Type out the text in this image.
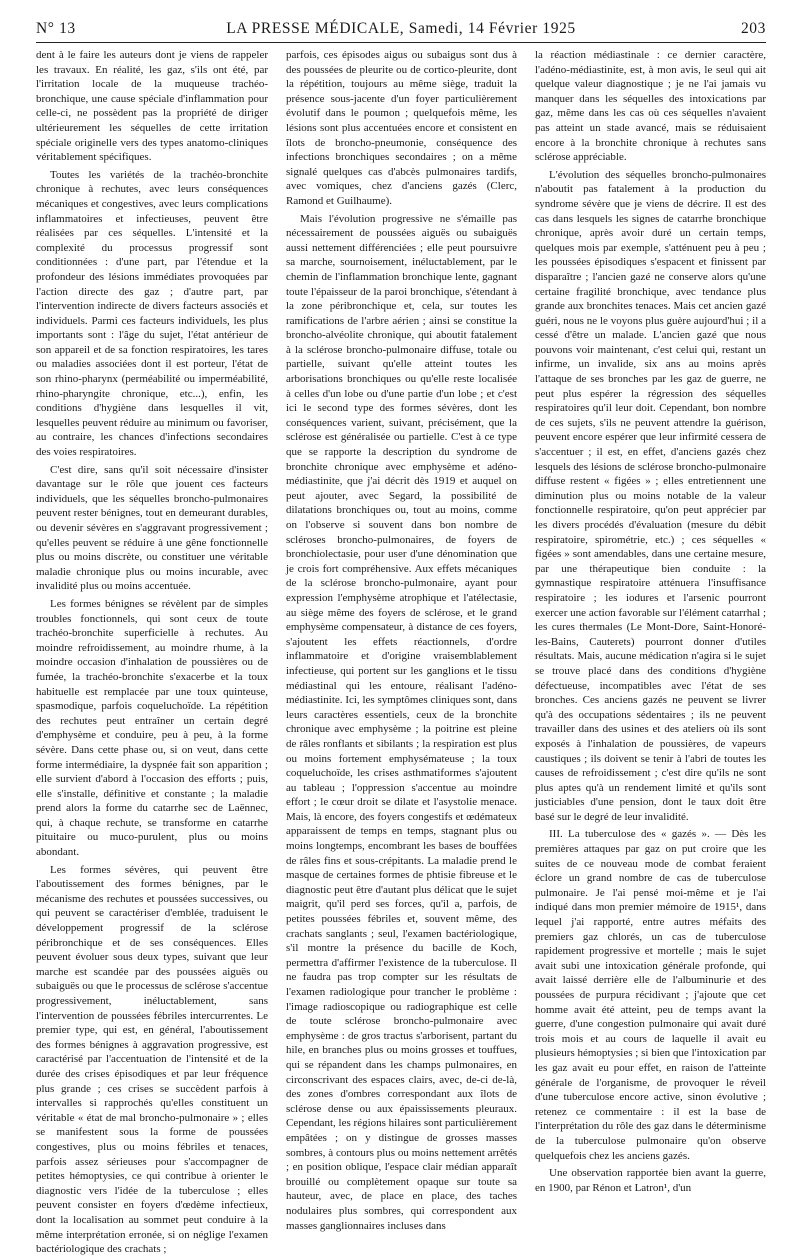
N° 13	LA PRESSE MÉDICALE, Samedi, 14 Février 1925	203

dent à le faire les auteurs dont je viens de rappeler les travaux. En réalité, les gaz, s'ils ont été, par l'irritation locale de la muqueuse trachéo-bronchique, une cause spéciale d'inflammation pour celle-ci, ne possèdent pas la propriété de diriger ultérieurement les séquelles de cette irritation spéciale originelle vers des types anatomo-cliniques véritablement spécifiques.

Toutes les variétés de la trachéo-bronchite chronique à rechutes, avec leurs conséquences mécaniques et congestives, avec leurs complications inflammatoires et infectieuses, peuvent être réalisées par ces séquelles. L'intensité et la complexité du processus progressif sont conditionnées : d'une part, par l'étendue et la profondeur des lésions immédiates provoquées par l'action directe des gaz ; d'autre part, par l'intervention indirecte de divers facteurs associés et individuels. Parmi ces facteurs individuels, les plus importants sont : l'âge du sujet, l'état antérieur de son appareil et de sa fonction respiratoires, les tares ou maladies associées dont il est porteur, l'état de son rhino-pharynx (perméabilité ou imperméabilité, rhino-pharyngite chronique, etc...), enfin, les conditions d'hygiène dans lesquelles il vit, lesquelles peuvent réduire au minimum ou favoriser, au contraire, les chances d'infections secondaires des voies respiratoires.

C'est dire, sans qu'il soit nécessaire d'insister davantage sur le rôle que jouent ces facteurs individuels, que les séquelles broncho-pulmonaires peuvent rester bénignes, tout en demeurant durables, ou devenir sévères en s'aggravant progressivement ; qu'elles peuvent se réduire à une gêne fonctionnelle plus ou moins discrète, ou constituer une véritable maladie chronique plus ou moins incurable, avec invalidité plus ou moins accentuée.

Les formes bénignes se révèlent par de simples troubles fonctionnels, qui sont ceux de toute trachéo-bronchite superficielle à rechutes. Au moindre refroidissement, au moindre rhume, à la moindre occasion d'inhalation de poussières ou de fumée, la trachéo-bronchite s'exacerbe et la toux habituelle est remplacée par une toux quinteuse, spasmodique, parfois coqueluchoïde. La répétition des rechutes peut entraîner un certain degré d'emphysème et conduire, peu à peu, à la forme sévère. Dans cette phase ou, si on veut, dans cette forme intermédiaire, la dyspnée fait son apparition ; elle survient d'abord à l'occasion des efforts ; puis, elle s'installe, définitive et constante ; la maladie prend alors la forme du catarrhe sec de Laënnec, qui, à chaque rechute, se transforme en catarrhe pituitaire ou muco-purulent, plus ou moins abondant.

Les formes sévères, qui peuvent être l'aboutissement des formes bénignes, par le mécanisme des rechutes et poussées successives, ou qui peuvent se caractériser d'emblée, traduisent le développement progressif de la sclérose péribronchique et de ses conséquences. Elles peuvent évoluer sous deux types, suivant que leur marche est scandée par des poussées aiguës ou subaiguës ou que le processus de sclérose s'accentue progressivement, inéluctablement, sans l'intervention de poussées fébriles intercurrentes. Le premier type, qui est, en général, l'aboutissement des formes bénignes à aggravation progressive, est caractérisé par l'accentuation de l'intensité et de la durée des crises épisodiques et par leur fréquence plus grande ; ces crises se succèdent parfois à intervalles si rapprochés qu'elles constituent un véritable « état de mal broncho-pulmonaire » ; elles se manifestent sous la forme de poussées congestives, plus ou moins fébriles et tenaces, parfois assez sérieuses pour s'accompagner de petites hémoptysies, ce qui contribue à orienter le diagnostic vers l'idée de la tuberculose ; elles peuvent consister en foyers d'œdème infectieux, dont la localisation au sommet peut conduire à la même interprétation erronée, si on néglige l'examen bactériologique des crachats ;

parfois, ces épisodes aigus ou subaigus sont dus à des poussées de pleurite ou de cortico-pleurite, dont la répétition, toujours au même siège, traduit la présence sous-jacente d'un foyer particulièrement évolutif dans le poumon ; quelquefois même, les lésions sont plus accentuées encore et consistent en îlots de broncho-pneumonie, conséquence des infections bronchiques secondaires ; on a même signalé quelques cas d'abcès pulmonaires tardifs, avec vomiques, chez d'anciens gazés (Clerc, Ramond et Guilhaume).

Mais l'évolution progressive ne s'émaille pas nécessairement de poussées aiguës ou subaiguës aussi nettement différenciées ; elle peut poursuivre sa marche, sournoisement, inéluctablement, par le chemin de l'inflammation bronchique lente, gagnant toute l'épaisseur de la paroi bronchique, s'étendant à la zone péribronchique et, cela, sur toutes les ramifications de l'arbre aérien ; ainsi se constitue la broncho-alvéolite chronique, qui aboutit fatalement à la sclérose broncho-pulmonaire diffuse, totale ou partielle, suivant qu'elle atteint toutes les arborisations bronchiques ou qu'elle reste localisée à celles d'un lobe ou d'une partie d'un lobe ; et c'est ici le second type des formes sévères, dont les conséquences varient, suivant, précisément, que la sclérose est généralisée ou partielle. C'est à ce type que se rapporte la description du syndrome de bronchite chronique avec emphysème et adéno-médiastinite, que j'ai décrit dès 1919 et auquel on peut ajouter, avec Segard, la possibilité de dilatations bronchiques ou, tout au moins, comme on l'observe si souvent dans bon nombre de scléroses broncho-pulmonaires, de foyers de bronchiolectasie, pour user d'une dénomination que je crois fort compréhensive. Aux effets mécaniques de la sclérose broncho-pulmonaire, ayant pour expression l'emphysème atrophique et l'atélectasie, au siège même des foyers de sclérose, et le grand emphysème compensateur, à distance de ces foyers, s'ajoutent les effets réactionnels, d'ordre inflammatoire et d'origine vraisemblablement infectieuse, qui portent sur les ganglions et le tissu médiastinal qui les entoure, réalisant l'adéno-médiastinite. Ici, les symptômes cliniques sont, dans leurs caractères essentiels, ceux de la bronchite chronique avec emphysème ; la poitrine est pleine de râles ronflants et sibilants ; la respiration est plus ou moins fortement emphysémateuse ; la toux coqueluchoïde, les crises asthmatiformes s'ajoutent au tableau ; l'oppression s'accentue au moindre effort ; le cœur droit se dilate et l'asystolie menace. Mais, là encore, des foyers congestifs et œdémateux apparaissent de temps en temps, stagnant plus ou moins longtemps, encombrant les bases de bouffées de râles fins et sous-crépitants. La maladie prend le masque de certaines formes de phtisie fibreuse et le diagnostic peut être d'autant plus délicat que le sujet maigrit, qu'il perd ses forces, qu'il a, parfois, de petites poussées fébriles et, souvent même, des crachats sanglants ; seul, l'examen bactériologique, s'il montre la présence du bacille de Koch, permettra d'affirmer l'existence de la tuberculose. Il ne faudra pas trop compter sur les résultats de l'examen radiologique pour trancher le problème : l'image radioscopique ou radiographique est celle de toute sclérose broncho-pulmonaire avec emphysème : de gros tractus s'arborisent, partant du hile, en branches plus ou moins grosses et touffues, qui se répandent dans les champs pulmonaires, en circonscrivant des espaces clairs, avec, de-ci de-là, des zones d'ombres correspondant aux îlots de sclérose dense ou aux épaississements pleuraux. Cependant, les régions hilaires sont particulièrement empâtées ; on y distingue de grosses masses sombres, à contours plus ou moins nettement arrêtés ; en position oblique, l'espace clair médian apparaît brouillé ou complètement opaque sur toute sa hauteur, avec, de place en place, des taches nodulaires plus sombres, qui correspondent aux masses ganglionnaires incluses dans

la réaction médiastinale : ce dernier caractère, l'adéno-médiastinite, est, à mon avis, le seul qui ait quelque valeur diagnostique ; je ne l'ai jamais vu manquer dans les séquelles des intoxications par gaz, même dans les cas où ces séquelles n'avaient pas atteint un stade avancé, mais se réduisaient encore à la bronchite chronique à rechutes sans sclérose appréciable.

L'évolution des séquelles broncho-pulmonaires n'aboutit pas fatalement à la production du syndrome sévère que je viens de décrire. Il est des cas dans lesquels les signes de catarrhe bronchique chronique, après avoir duré un certain temps, quelques mois par exemple, s'atténuent peu à peu ; les poussées épisodiques s'espacent et finissent par disparaître ; l'ancien gazé ne conserve alors qu'une certaine fragilité bronchique, avec tendance plus grande aux bronchites tenaces. Mais cet ancien gazé guéri, nous ne le voyons plus guère aujourd'hui ; il a cessé d'être un malade. L'ancien gazé que nous pouvons voir maintenant, c'est celui qui, restant un infirme, un invalide, six ans au moins après l'attaque de ses bronches par les gaz de guerre, ne peut plus espérer la régression des séquelles respiratoires qu'il leur doit. Cependant, bon nombre de ces sujets, s'ils ne peuvent attendre la guérison, peuvent encore espérer que leur infirmité cessera de s'accentuer ; il est, en effet, d'anciens gazés chez lesquels des lésions de sclérose broncho-pulmonaire diffuse restent « figées » ; elles entretiennent une diminution plus ou moins notable de la valeur fonctionnelle respiratoire, qu'on peut apprécier par les divers procédés d'évaluation (mesure du débit respiratoire, spirométrie, etc.) ; ces séquelles « figées » sont amendables, dans une certaine mesure, par une thérapeutique bien conduite : la gymnastique respiratoire atténuera l'insuffisance respiratoire ; les iodures et l'arsenic pourront exercer une action favorable sur l'élément catarrhal ; les cures thermales (Le Mont-Dore, Saint-Honoré-les-Bains, Cauterets) pourront donner d'utiles résultats. Mais, aucune médication n'agira si le sujet se trouve placé dans des conditions d'hygiène défectueuse, incompatibles avec l'état de ses bronches. Ces anciens gazés ne peuvent se livrer qu'à des occupations sédentaires ; ils ne peuvent travailler dans des usines et des ateliers où ils sont exposés à l'inhalation de poussières, de vapeurs caustiques ; ils doivent se tenir à l'abri de toutes les causes de refroidissement ; c'est dire qu'ils ne sont plus aptes qu'à un rendement limité et qu'ils sont justiciables d'une pension, dont le taux doit être basé sur le degré de leur invalidité.

III. La tuberculose des « gazés ». — Dès les premières attaques par gaz on put croire que les suites de ce nouveau mode de combat feraient éclore un grand nombre de cas de tuberculose pulmonaire. Je l'ai pensé moi-même et je l'ai indiqué dans mon premier mémoire de 1915¹, dans lequel j'ai rapporté, entre autres méfaits des premiers gaz chlorés, un cas de tuberculose rapidement progressive et mortelle ; mais le sujet avait subi une intoxication générale profonde, qui avait laissé derrière elle de l'albuminurie et des poussées de purpura récidivant ; j'ajoute que cet homme avait été atteint, peu de temps avant la guerre, d'une congestion pulmonaire qui avait duré trois mois et au cours de laquelle il avait eu plusieurs hémoptysies ; si bien que l'intoxication par les gaz avait eu pour effet, en raison de l'atteinte générale de l'organisme, de provoquer le réveil d'une tuberculose encore active, sinon évolutive ; retenez ce commentaire : il est la base de l'interprétation du rôle des gaz dans le déterminisme de la tuberculose pulmonaire qu'on observe quelquefois chez les anciens gazés.

Une observation rapportée bien avant la guerre, en 1900, par Rénon et Latron¹, d'un
